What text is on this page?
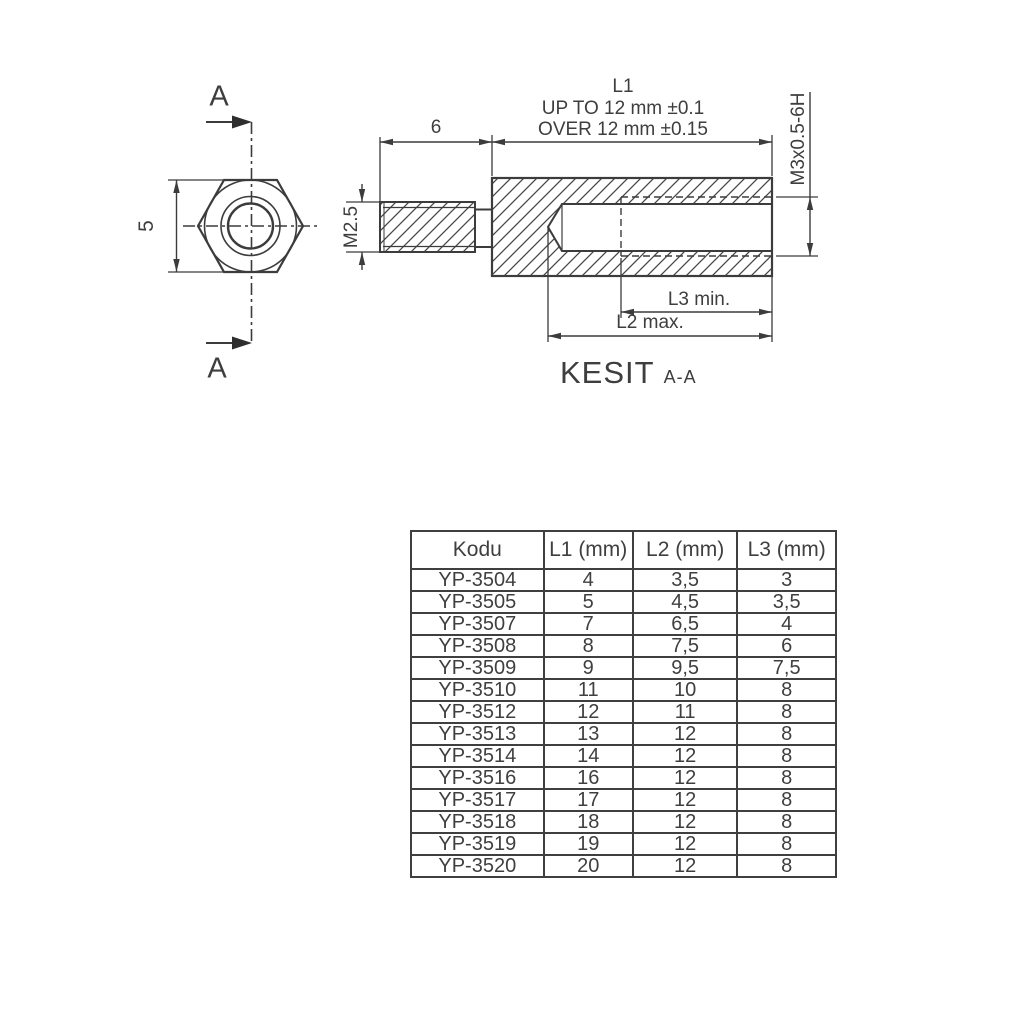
A
A
5	M2.5
6
L1
UP TO 12 mm ±0.1
OVER 12 mm ±0.15	M3x0.5-6H
L3 min.
L2 max.
KESIT A-A
Kodu	L1 (mm)	L2 (mm)	L3 (mm)
YP-3504	4	3,5	3
YP-3505	5	4,5	3,5
YP-3507	7	6,5	4
YP-3508	8	7,5	6
YP-3509	9	9,5	7,5
YP-3510	11	10	8
YP-3512	12	11	8
YP-3513	13	12	8
YP-3514	14	12	8
YP-3516	16	12	8
YP-3517	17	12	8
YP-3518	18	12	8
YP-3519	19	12	8
YP-3520	20	12	8
